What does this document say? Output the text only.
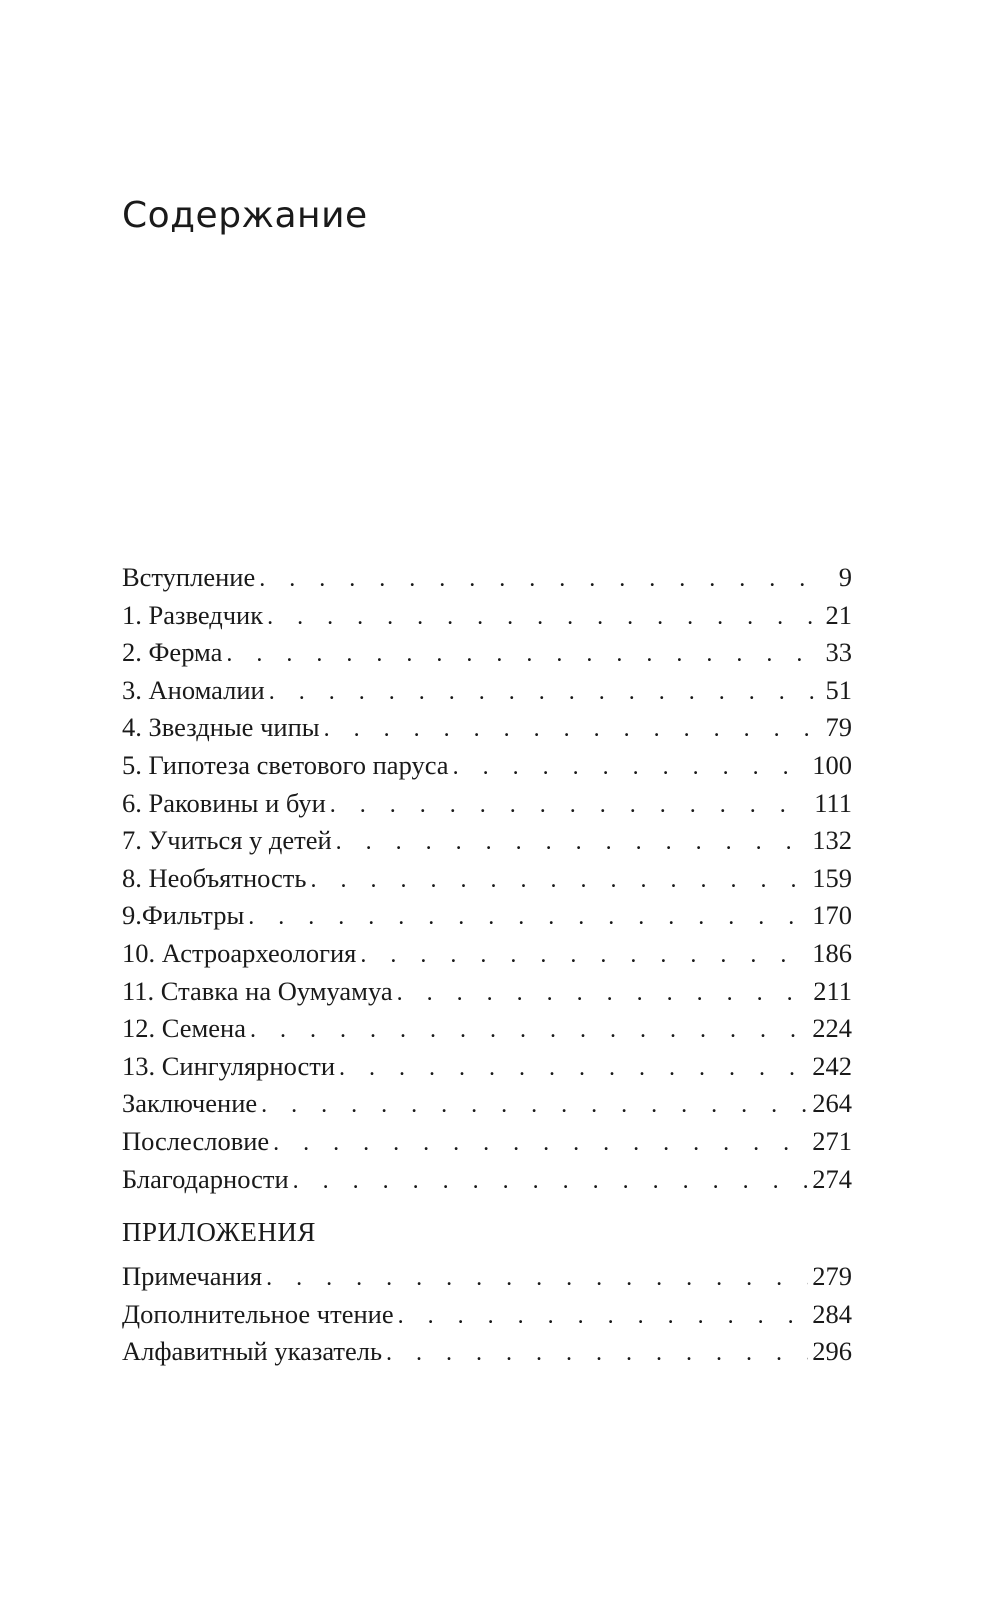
Содержание
Вступление . . .	9
1. Разведчик . . .	21
2. Ферма . . .	33
3. Аномалии . . .	51
4. Звездные чипы . . .	79
5. Гипотеза светового паруса . . .	100
6. Раковины и буи . . .	111
7. Учиться у детей . . .	132
8. Необъятность . . .	159
9.Фильтры . . .	170
10. Астроархеология . . .	186
11. Ставка на Оумуамуа . . .	211
12. Семена . . .	224
13. Сингулярности . . .	242
Заключение . . .	264
Послесловие . . .	271
Благодарности . . .	274
ПРИЛОЖЕНИЯ
Примечания . . .	279
Дополнительное чтение . . .	284
Алфавитный указатель . . .	296
